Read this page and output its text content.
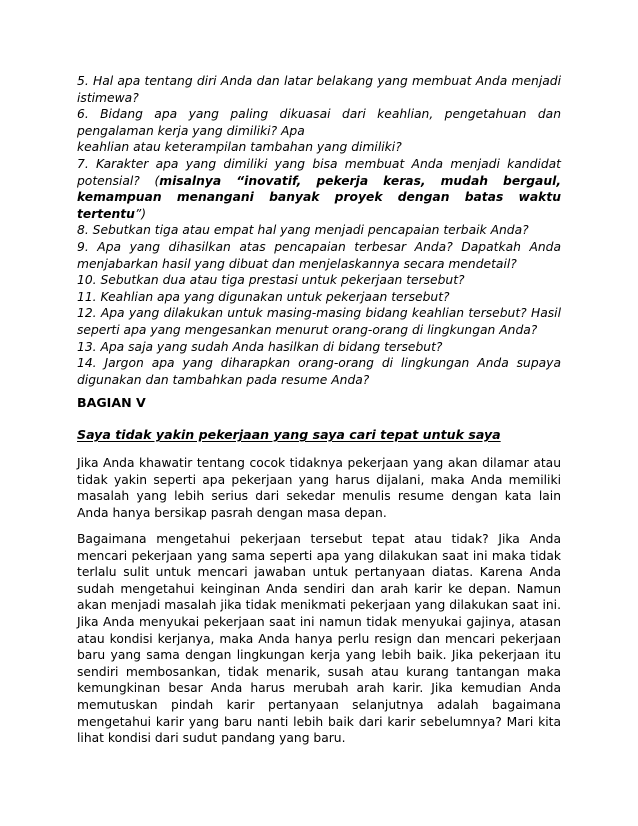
5. Hal apa tentang diri Anda dan latar belakang yang membuat Anda menjadi istimewa?

6. Bidang apa yang paling dikuasai dari keahlian, pengetahuan dan pengalaman kerja yang dimiliki? Apa

keahlian atau keterampilan tambahan yang dimiliki?

7. Karakter apa yang dimiliki yang bisa membuat Anda menjadi kandidat potensial? (misalnya “inovatif, pekerja keras, mudah bergaul, kemampuan menangani banyak proyek dengan batas waktu tertentu”)

8. Sebutkan tiga atau empat hal yang menjadi pencapaian terbaik Anda?

9. Apa yang dihasilkan atas pencapaian terbesar Anda? Dapatkah Anda menjabarkan hasil yang dibuat dan menjelaskannya secara mendetail?

10. Sebutkan dua atau tiga prestasi untuk pekerjaan tersebut?

11. Keahlian apa yang digunakan untuk pekerjaan tersebut?

12. Apa yang dilakukan untuk masing-masing bidang keahlian tersebut? Hasil seperti apa yang mengesankan menurut orang-orang di lingkungan Anda?

13. Apa saja yang sudah Anda hasilkan di bidang tersebut?

14. Jargon apa yang diharapkan orang-orang di lingkungan Anda supaya digunakan dan tambahkan pada resume Anda?

BAGIAN V
Saya tidak yakin pekerjaan yang saya cari tepat untuk saya

Jika Anda khawatir tentang cocok tidaknya pekerjaan yang akan dilamar atau tidak yakin seperti apa pekerjaan yang harus dijalani, maka Anda memiliki masalah yang lebih serius dari sekedar menulis resume dengan kata lain Anda hanya bersikap pasrah dengan masa depan.

Bagaimana mengetahui pekerjaan tersebut tepat atau tidak? Jika Anda mencari pekerjaan yang sama seperti apa yang dilakukan saat ini maka tidak terlalu sulit untuk mencari jawaban untuk pertanyaan diatas. Karena Anda sudah mengetahui keinginan Anda sendiri dan arah karir ke depan. Namun akan menjadi masalah jika tidak menikmati pekerjaan yang dilakukan saat ini. Jika Anda menyukai pekerjaan saat ini namun tidak menyukai gajinya, atasan atau kondisi kerjanya, maka Anda hanya perlu resign dan mencari pekerjaan baru yang sama dengan lingkungan kerja yang lebih baik. Jika pekerjaan itu sendiri membosankan, tidak menarik, susah atau kurang tantangan maka kemungkinan besar Anda harus merubah arah karir. Jika kemudian Anda memutuskan pindah karir pertanyaan selanjutnya adalah bagaimana mengetahui karir yang baru nanti lebih baik dari karir sebelumnya? Mari kita lihat kondisi dari sudut pandang yang baru.
